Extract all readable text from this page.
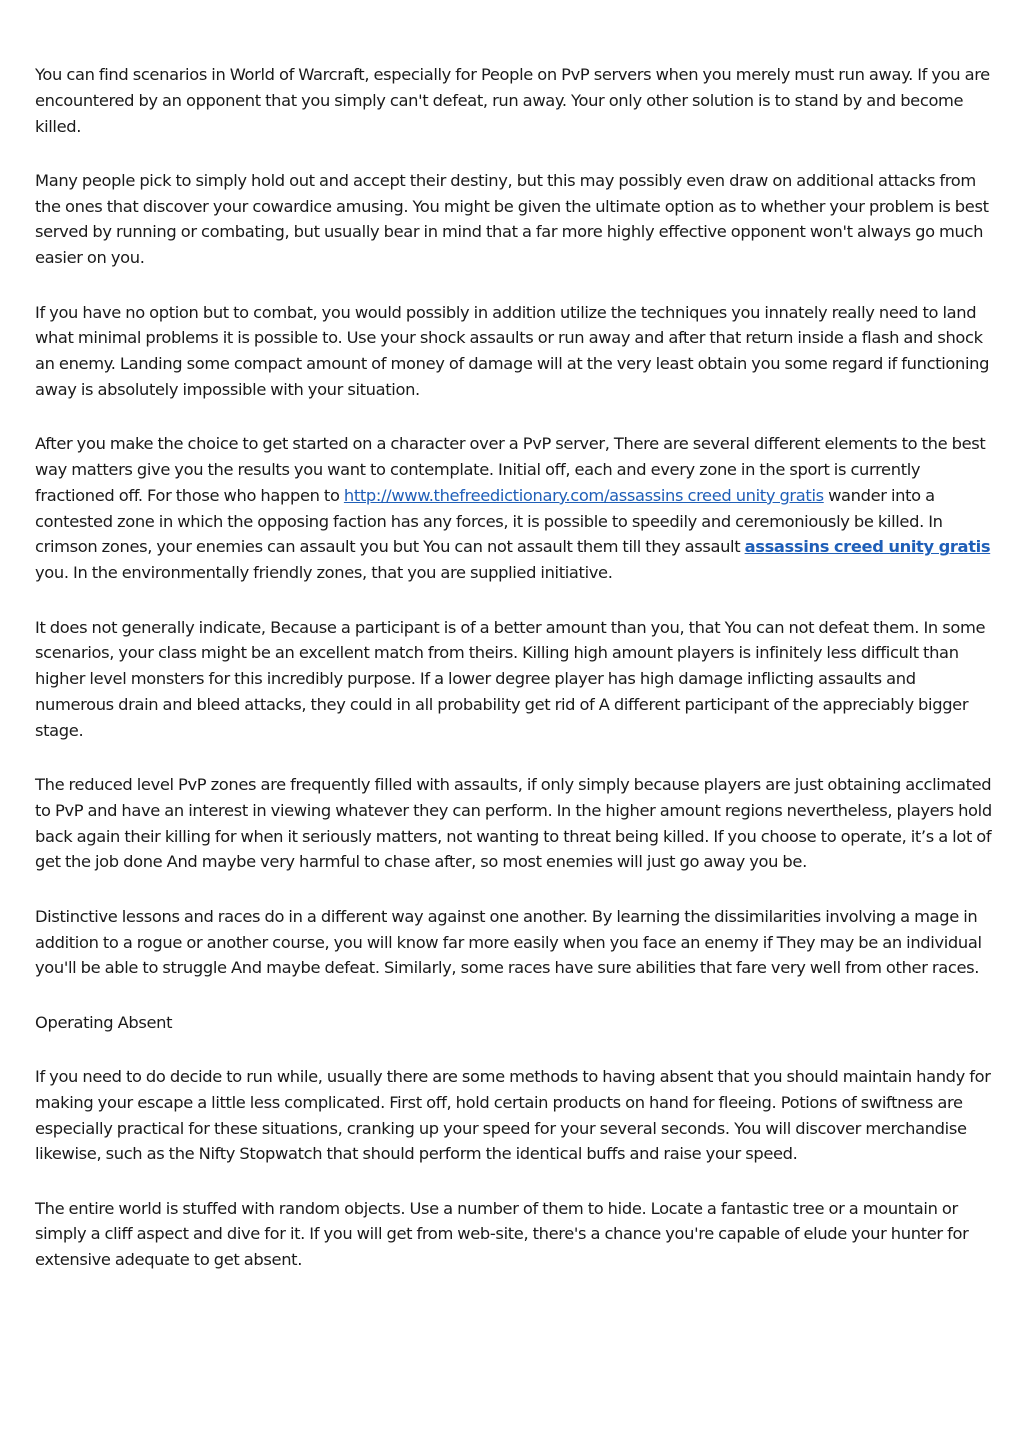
You can find scenarios in World of Warcraft, especially for People on PvP servers when you merely must run away. If you are encountered by an opponent that you simply can't defeat, run away. Your only other solution is to stand by and become killed.

Many people pick to simply hold out and accept their destiny, but this may possibly even draw on additional attacks from the ones that discover your cowardice amusing. You might be given the ultimate option as to whether your problem is best served by running or combating, but usually bear in mind that a far more highly effective opponent won't always go much easier on you.

If you have no option but to combat, you would possibly in addition utilize the techniques you innately really need to land what minimal problems it is possible to. Use your shock assaults or run away and after that return inside a flash and shock an enemy. Landing some compact amount of money of damage will at the very least obtain you some regard if functioning away is absolutely impossible with your situation.

After you make the choice to get started on a character over a PvP server, There are several different elements to the best way matters give you the results you want to contemplate. Initial off, each and every zone in the sport is currently fractioned off. For those who happen to http://www.thefreedictionary.com/assassins creed unity gratis wander into a contested zone in which the opposing faction has any forces, it is possible to speedily and ceremoniously be killed. In crimson zones, your enemies can assault you but You can not assault them till they assault assassins creed unity gratis you. In the environmentally friendly zones, that you are supplied initiative.

It does not generally indicate, Because a participant is of a better amount than you, that You can not defeat them. In some scenarios, your class might be an excellent match from theirs. Killing high amount players is infinitely less difficult than higher level monsters for this incredibly purpose. If a lower degree player has high damage inflicting assaults and numerous drain and bleed attacks, they could in all probability get rid of A different participant of the appreciably bigger stage.

The reduced level PvP zones are frequently filled with assaults, if only simply because players are just obtaining acclimated to PvP and have an interest in viewing whatever they can perform. In the higher amount regions nevertheless, players hold back again their killing for when it seriously matters, not wanting to threat being killed. If you choose to operate, it’s a lot of get the job done And maybe very harmful to chase after, so most enemies will just go away you be.

Distinctive lessons and races do in a different way against one another. By learning the dissimilarities involving a mage in addition to a rogue or another course, you will know far more easily when you face an enemy if They may be an individual you'll be able to struggle And maybe defeat. Similarly, some races have sure abilities that fare very well from other races.

Operating Absent

If you need to do decide to run while, usually there are some methods to having absent that you should maintain handy for making your escape a little less complicated. First off, hold certain products on hand for fleeing. Potions of swiftness are especially practical for these situations, cranking up your speed for your several seconds. You will discover merchandise likewise, such as the Nifty Stopwatch that should perform the identical buffs and raise your speed.

The entire world is stuffed with random objects. Use a number of them to hide. Locate a fantastic tree or a mountain or simply a cliff aspect and dive for it. If you will get from web-site, there's a chance you're capable of elude your hunter for extensive adequate to get absent.
